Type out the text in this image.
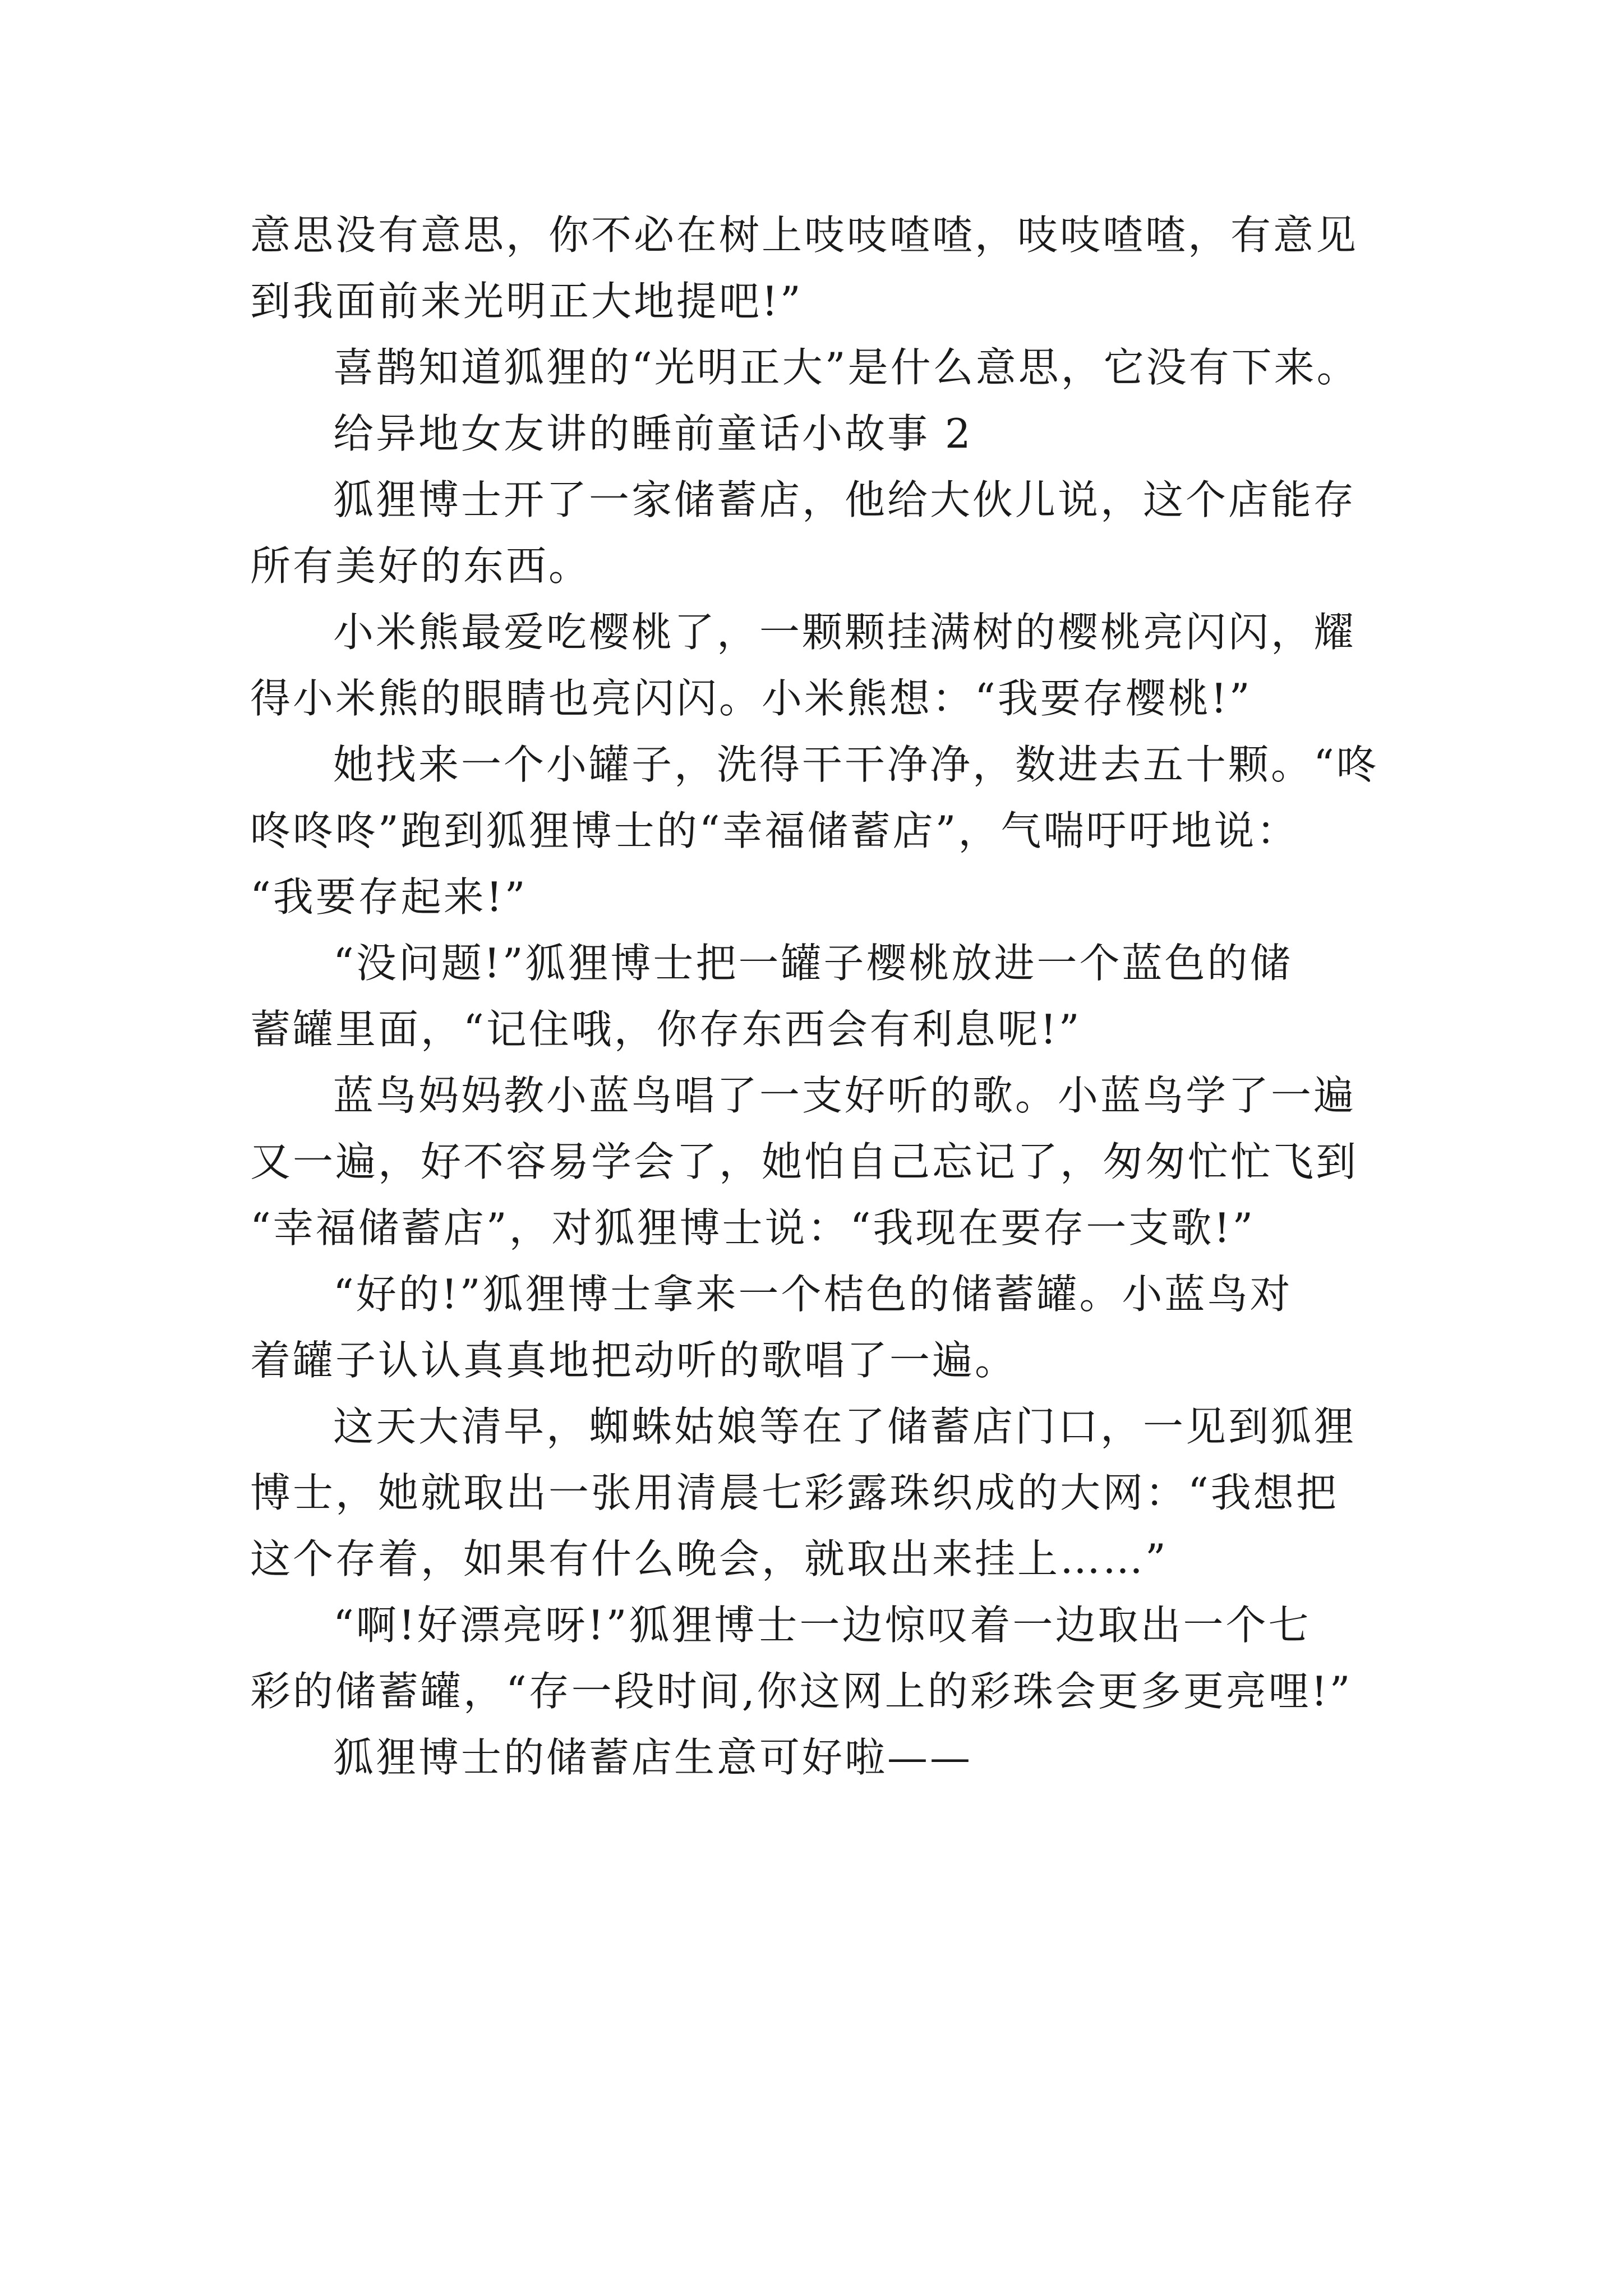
意思没有意思，你不必在树上吱吱喳喳，吱吱喳喳，有意见
到我面前来光明正大地提吧!”
喜鹊知道狐狸的“光明正大”是什么意思，它没有下来。
给异地女友讲的睡前童话小故事 2
狐狸博士开了一家储蓄店，他给大伙儿说，这个店能存
所有美好的东西。
小米熊最爱吃樱桃了，一颗颗挂满树的樱桃亮闪闪，耀
得小米熊的眼睛也亮闪闪。小米熊想：“我要存樱桃!”
她找来一个小罐子，洗得干干净净，数进去五十颗。“咚
咚咚咚”跑到狐狸博士的“幸福储蓄店”，气喘吁吁地说：
“我要存起来!”
“没问题!”狐狸博士把一罐子樱桃放进一个蓝色的储
蓄罐里面，“记住哦，你存东西会有利息呢!”
蓝鸟妈妈教小蓝鸟唱了一支好听的歌。小蓝鸟学了一遍
又一遍，好不容易学会了，她怕自己忘记了，匆匆忙忙飞到
“幸福储蓄店”，对狐狸博士说：“我现在要存一支歌!”
“好的!”狐狸博士拿来一个桔色的储蓄罐。小蓝鸟对
着罐子认认真真地把动听的歌唱了一遍。
这天大清早，蜘蛛姑娘等在了储蓄店门口，一见到狐狸
博士，她就取出一张用清晨七彩露珠织成的大网：“我想把
这个存着，如果有什么晚会，就取出来挂上……”
“啊!好漂亮呀!”狐狸博士一边惊叹着一边取出一个七
彩的储蓄罐，“存一段时间,你这网上的彩珠会更多更亮哩!”
狐狸博士的储蓄店生意可好啦——
